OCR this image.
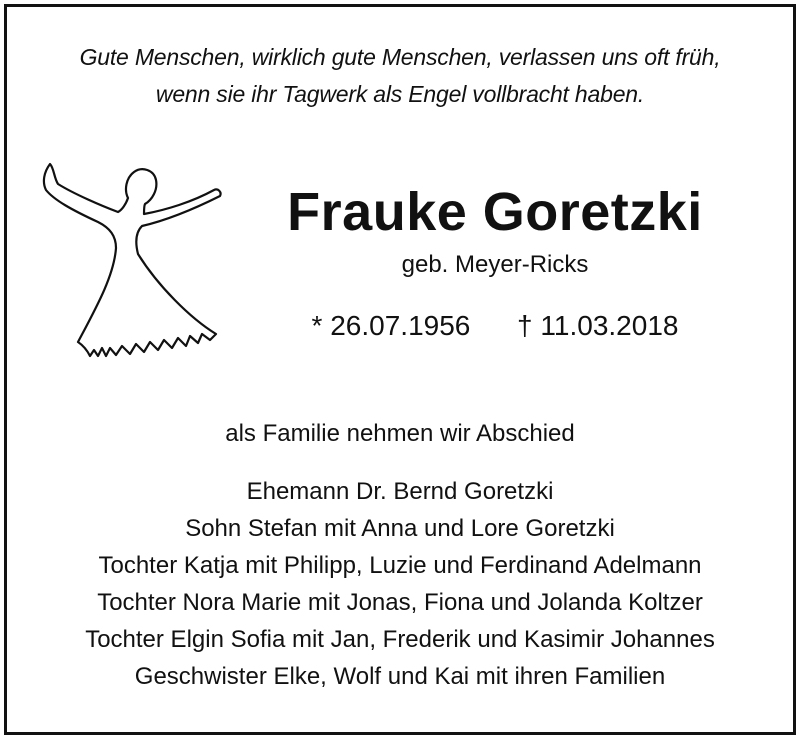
Gute Menschen, wirklich gute Menschen, verlassen uns oft früh,
wenn sie ihr Tagwerk als Engel vollbracht haben.
Frauke Goretzki
geb. Meyer-Ricks
* 26.07.1956 † 11.03.2018
als Familie nehmen wir Abschied
Ehemann Dr. Bernd Goretzki
Sohn Stefan mit Anna und Lore Goretzki
Tochter Katja mit Philipp, Luzie und Ferdinand Adelmann
Tochter Nora Marie mit Jonas, Fiona und Jolanda Koltzer
Tochter Elgin Sofia mit Jan, Frederik und Kasimir Johannes
Geschwister Elke, Wolf und Kai mit ihren Familien
